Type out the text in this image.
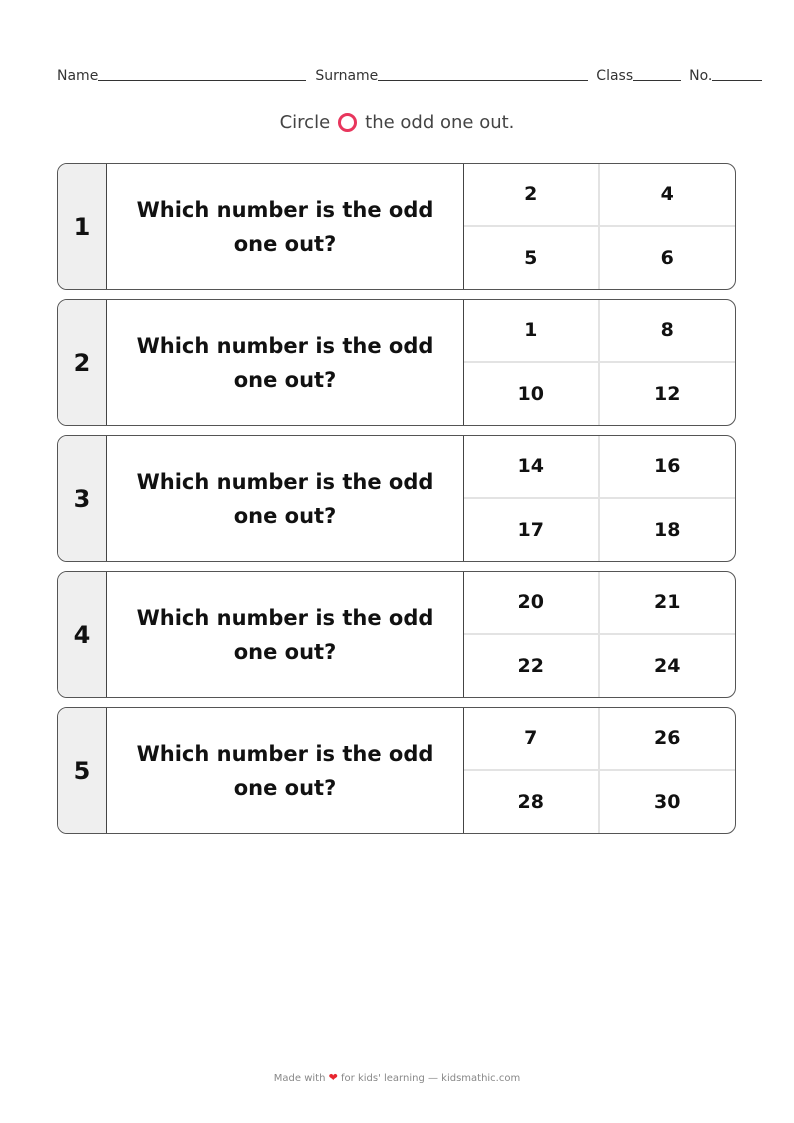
Name	Surname	Class	No.
Circle the odd one out.
1
Which number is the odd one out?
2	4
5	6
2
Which number is the odd one out?
1	8
10	12
3
Which number is the odd one out?
14	16
17	18
4
Which number is the odd one out?
20	21
22	24
5
Which number is the odd one out?
7	26
28	30
Made with ❤ for kids' learning — kidsmathic.com
